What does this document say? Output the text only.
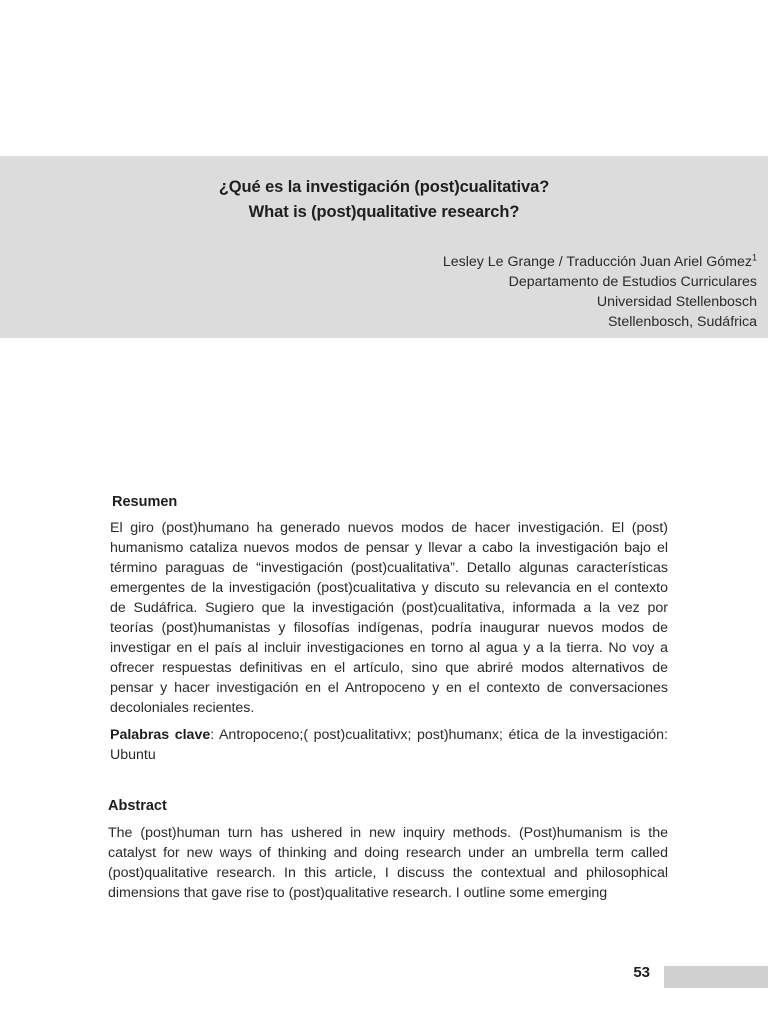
¿Qué es la investigación (post)cualitativa?
What is (post)qualitative research?
Lesley Le Grange / Traducción Juan Ariel Gómez$^1$
Departamento de Estudios Curriculares
Universidad Stellenbosch
Stellenbosch, Sudáfrica
Resumen
El giro (post)humano ha generado nuevos modos de hacer investigación. El (post) humanismo cataliza nuevos modos de pensar y llevar a cabo la investigación bajo el término paraguas de “investigación (post)cualitativa”. Detallo algunas características emergentes de la investigación (post)cualitativa y discuto su relevancia en el contexto de Sudáfrica. Sugiero que la investigación (post)cualitativa, informada a la vez por teorías (post)humanistas y filosofías indígenas, podría inaugurar nuevos modos de investigar en el país al incluir investigaciones en torno al agua y a la tierra. No voy a ofrecer respuestas definitivas en el artículo, sino que abriré modos alternativos de pensar y hacer investigación en el Antropoceno y en el contexto de conversaciones decoloniales recientes.
Palabras clave: Antropoceno;( post)cualitativx; post)humanx; ética de la investigación: Ubuntu
Abstract
The (post)human turn has ushered in new inquiry methods. (Post)humanism is the catalyst for new ways of thinking and doing research under an umbrella term called (post)qualitative research. In this article, I discuss the contextual and philosophical dimensions that gave rise to (post)qualitative research. I outline some emerging
53
